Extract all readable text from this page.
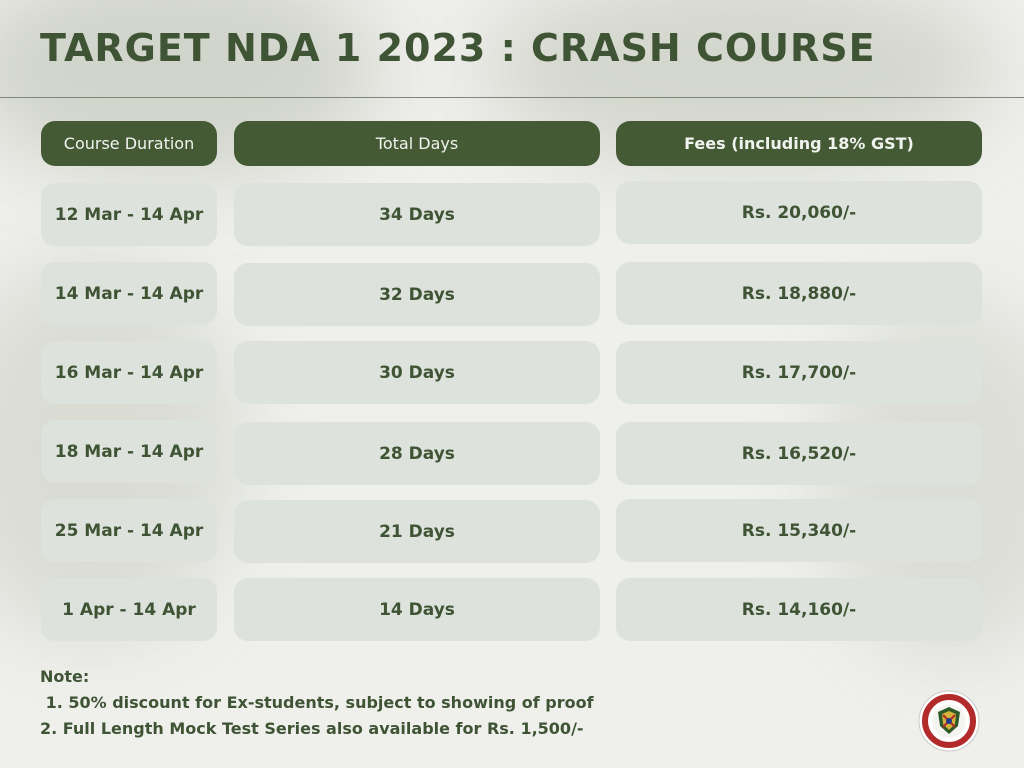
TARGET NDA 1 2023 : CRASH COURSE
Course Duration	Total Days	Fees (including 18% GST)
12 Mar - 14 Apr	34 Days	Rs. 20,060/-
14 Mar - 14 Apr	32 Days	Rs. 18,880/-
16 Mar - 14 Apr	30 Days	Rs. 17,700/-
18 Mar - 14 Apr	28 Days	Rs. 16,520/-
25 Mar - 14 Apr	21 Days	Rs. 15,340/-
1 Apr - 14 Apr	14 Days	Rs. 14,160/-
Note:
1. 50% discount for Ex-students, subject to showing of proof
2. Full Length Mock Test Series also available for Rs. 1,500/-
